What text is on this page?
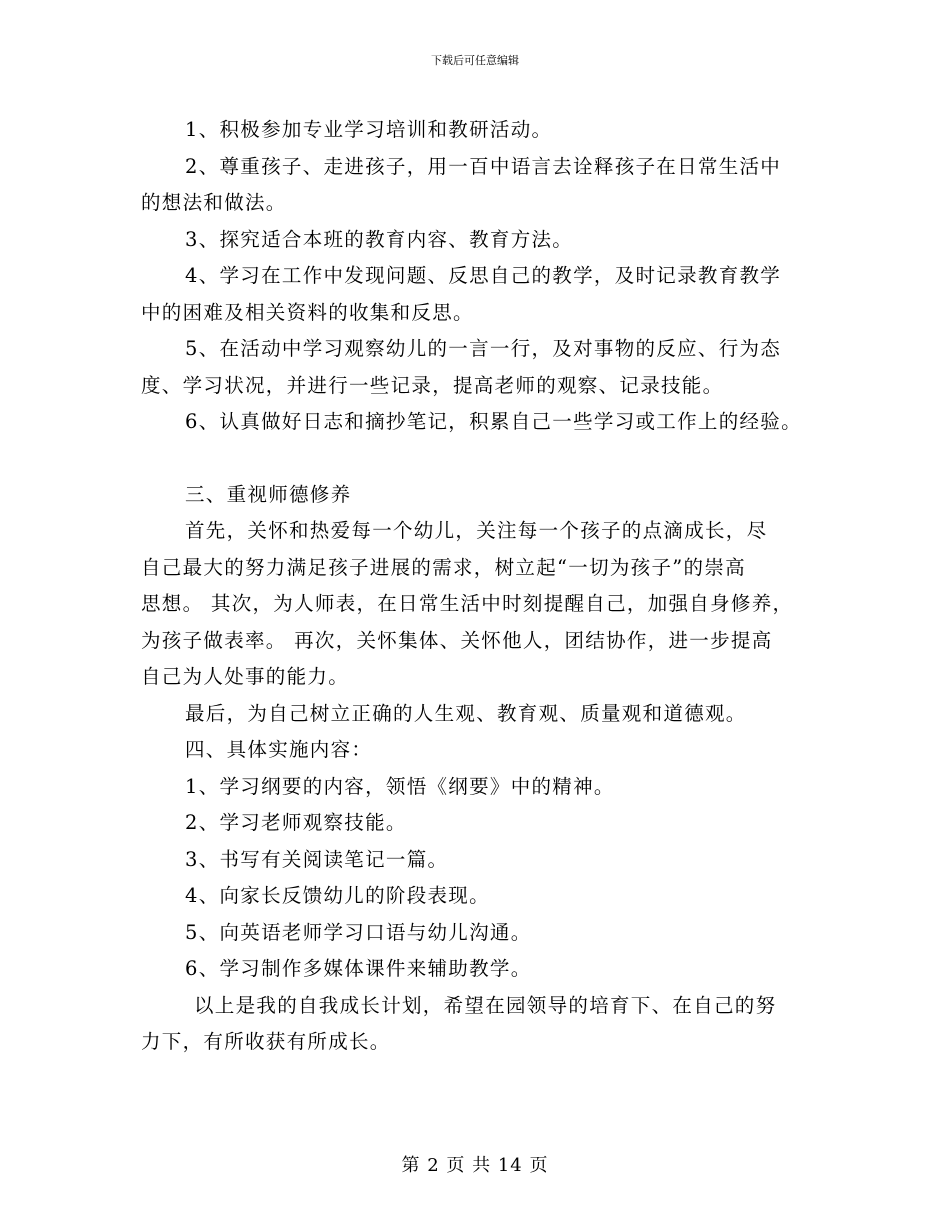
下载后可任意编辑

1、积极参加专业学习培训和教研活动。

2、尊重孩子、走进孩子，用一百中语言去诠释孩子在日常生活中

的想法和做法。

3、探究适合本班的教育内容、教育方法。

4、学习在工作中发现问题、反思自己的教学，及时记录教育教学

中的困难及相关资料的收集和反思。

5、在活动中学习观察幼儿的一言一行，及对事物的反应、行为态

度、学习状况，并进行一些记录，提高老师的观察、记录技能。

6、认真做好日志和摘抄笔记，积累自己一些学习或工作上的经验。

三、重视师德修养

首先，关怀和热爱每一个幼儿，关注每一个孩子的点滴成长，尽

自己最大的努力满足孩子进展的需求，树立起“一切为孩子”的崇高

思想。 其次，为人师表，在日常生活中时刻提醒自己，加强自身修养，

为孩子做表率。 再次，关怀集体、关怀他人，团结协作，进一步提高

自己为人处事的能力。

最后，为自己树立正确的人生观、教育观、质量观和道德观。

四、具体实施内容：

1、学习纲要的内容，领悟《纲要》中的精神。

2、学习老师观察技能。

3、书写有关阅读笔记一篇。

4、向家长反馈幼儿的阶段表现。

5、向英语老师学习口语与幼儿沟通。

6、学习制作多媒体课件来辅助教学。

以上是我的自我成长计划，希望在园领导的培育下、在自己的努

力下，有所收获有所成长。

第 2 页 共 14 页
